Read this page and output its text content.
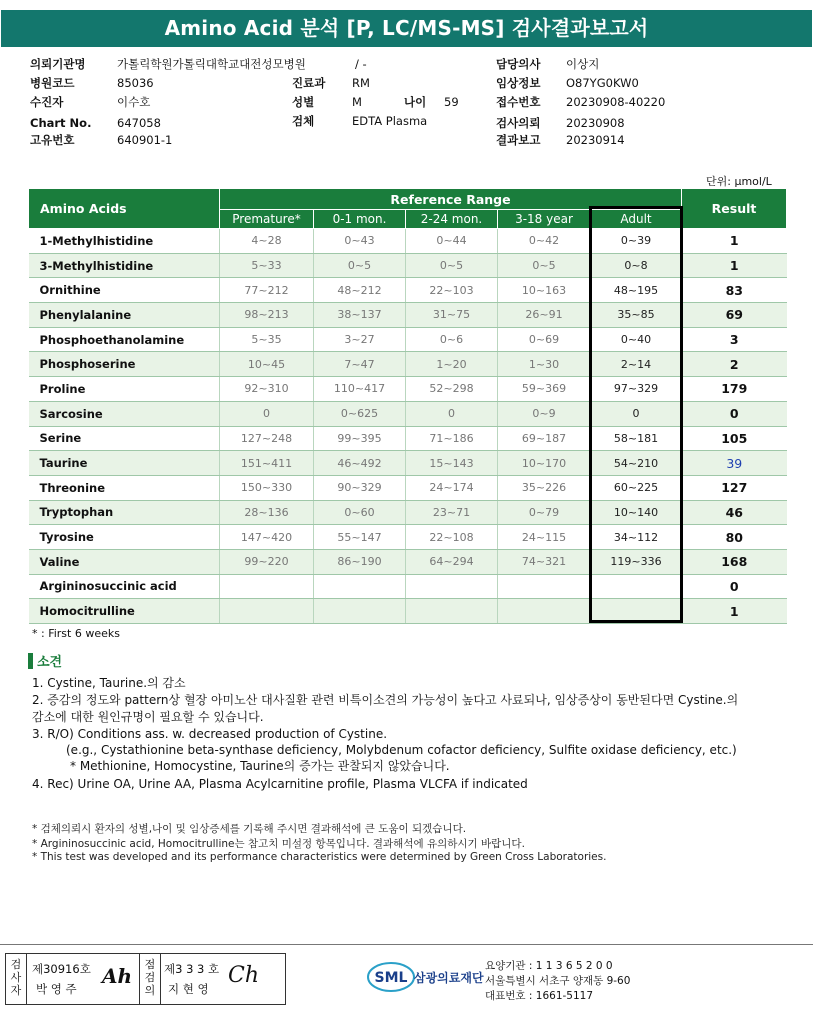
Amino Acid 분석 [P, LC/MS-MS] 검사결과보고서
의뢰기관명	가톨릭학원가톨릭대학교대전성모병원	/ -	담당의사 이상지
병원코드	85036	진료과 RM	임상정보 O87YG0KW0
수진자	이수호	성별	M	나이 59	접수번호 20230908-40220
Chart No. 647058	검체	EDTA Plasma	검사의뢰 20230908
고유번호	640901-1	결과보고 20230914
단위: μmol/L
Amino Acids	Reference Range					Result
	Premature*	0-1 mon.	2-24 mon.	3-18 year	Adult	
1-Methylhistidine	4~28	0~43	0~44	0~42	0~39	1
3-Methylhistidine	5~33	0~5	0~5	0~5	0~8	1
Ornithine	77~212	48~212	22~103	10~163	48~195	83
Phenylalanine	98~213	38~137	31~75	26~91	35~85	69
Phosphoethanolamine	5~35	3~27	0~6	0~69	0~40	3
Phosphoserine	10~45	7~47	1~20	1~30	2~14	2
Proline	92~310	110~417	52~298	59~369	97~329	179
Sarcosine	0	0~625	0	0~9	0	0
Serine	127~248	99~395	71~186	69~187	58~181	105
Taurine	151~411	46~492	15~143	10~170	54~210	39
Threonine	150~330	90~329	24~174	35~226	60~225	127
Tryptophan	28~136	0~60	23~71	0~79	10~140	46
Tyrosine	147~420	55~147	22~108	24~115	34~112	80
Valine	99~220	86~190	64~294	74~321	119~336	168
Argininosuccinic acid						0
Homocitrulline						1
* : First 6 weeks
소견
1. Cystine, Taurine.의 감소
2. 증감의 정도와 pattern상 혈장 아미노산 대사질환 관련 비특이소견의 가능성이 높다고 사료되나, 임상증상이 동반된다면 Cystine.의
감소에 대한 원인규명이 필요할 수 있습니다.
3. R/O) Conditions ass. w. decreased production of Cystine.
(e.g., Cystathionine beta-synthase deficiency, Molybdenum cofactor deficiency, Sulfite oxidase deficiency, etc.)
* Methionine, Homocystine, Taurine의 증가는 관찰되지 않았습니다.
4. Rec) Urine OA, Urine AA, Plasma Acylcarnitine profile, Plasma VLCFA if indicated
* 검체의뢰시 환자의 성별,나이 및 임상증세를 기록해 주시면 결과해석에 큰 도움이 되겠습니다.
* Argininosuccinic acid, Homocitrulline는 참고치 미설정 항목입니다. 결과해석에 유의하시기 바랍니다.
* This test was developed and its performance characteristics were determined by Green Cross Laboratories.
검
사
자
제30916호
박 영 주
Ah	점
검
의
제3 3 3 호
지 현 영
Ch	SML 삼광의료재단
요양기관 : 1 1 3 6 5 2 0 0
서울특별시 서초구 양재동 9-60
대표번호 : 1661-5117
